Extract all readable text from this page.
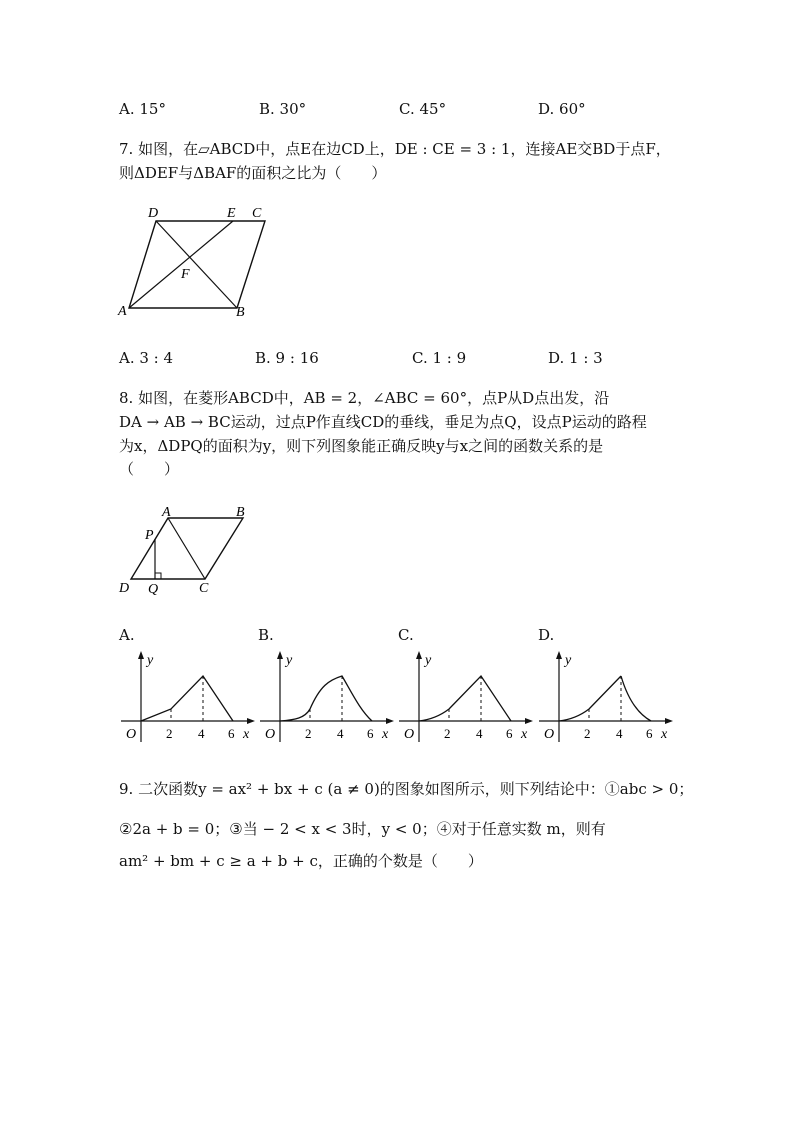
A. 15°	B. 30°	C. 45°	D. 60°
7. 如图，在▱ABCD中，点E在边CD上，DE : CE = 3 : 1，连接AE交BD于点F，
则ΔDEF与ΔBAF的面积之比为（　　）
D	E C
F
A	B
A. 3 : 4	B. 9 : 16	C. 1 : 9	D. 1 : 3
8. 如图，在菱形ABCD中，AB = 2，∠ABC = 60°，点P从D点出发，沿
DA → AB → BC运动，过点P作直线CD的垂线，垂足为点Q，设点P运动的路程
为x，ΔDPQ的面积为y，则下列图象能正确反映y与x之间的函数关系的是
（　　）
A	B
P
D Q	C
A.	B.	C.	D.
y
x
O 2 4 6
y
x
O 2 4 6
y
x
O 2 4 6
y
x
O 2 4 6
9. 二次函数y = ax² + bx + c (a ≠ 0)的图象如图所示，则下列结论中：①abc > 0；
②2a + b = 0；③当 − 2 < x < 3时，y < 0；④对于任意实数 m，则有
am² + bm + c ≥ a + b + c，正确的个数是（　　）
